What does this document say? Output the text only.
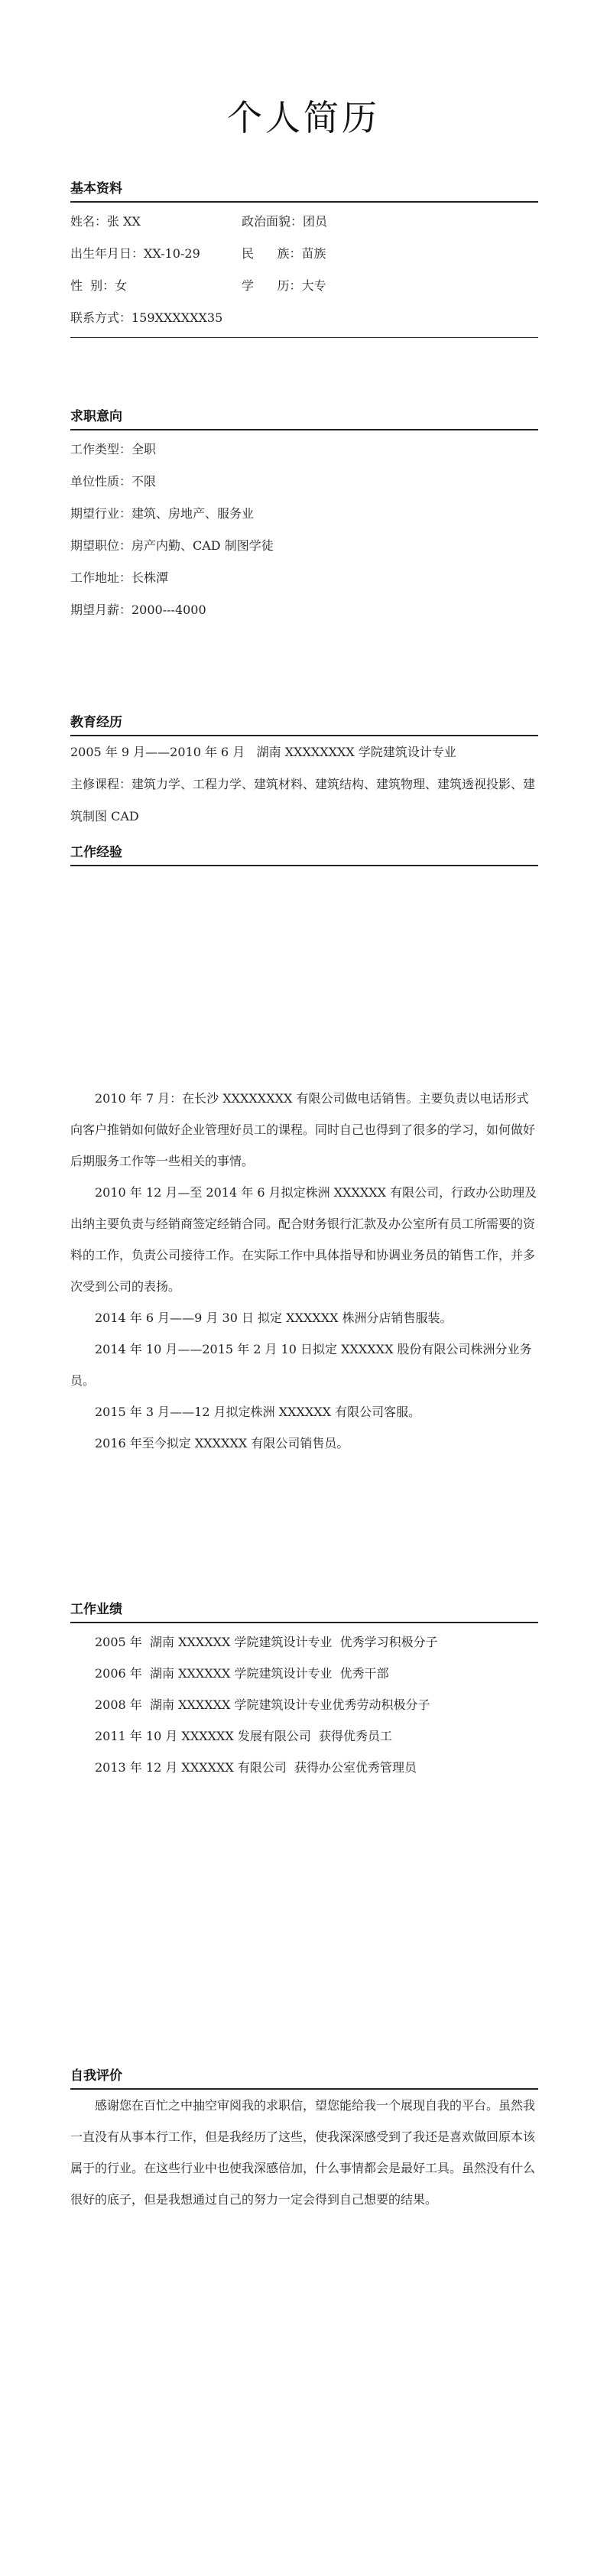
个人简历
基本资料
姓名：张 XX	政治面貌：团员
出生年月日：XX-10-29	民      族：苗族
性  别：女	学      历：大专
联系方式：159XXXXXX35
求职意向
工作类型：全职
单位性质：不限
期望行业：建筑、房地产、服务业
期望职位：房产内勤、CAD 制图学徒
工作地址：长株潭
期望月薪：2000---4000
教育经历
2005 年 9 月——2010 年 6 月   湖南 XXXXXXXX 学院建筑设计专业
主修课程：建筑力学、工程力学、建筑材料、建筑结构、建筑物理、建筑透视投影、建筑制图 CAD
工作经验

2010 年 7 月：在长沙 XXXXXXXX 有限公司做电话销售。主要负责以电话形式向客户推销如何做好企业管理好员工的课程。同时自己也得到了很多的学习，如何做好后期服务工作等一些相关的事情。

2010 年 12 月—至 2014 年 6 月拟定株洲 XXXXXX 有限公司，行政办公助理及出纳主要负责与经销商签定经销合同。配合财务银行汇款及办公室所有员工所需要的资料的工作，负责公司接待工作。在实际工作中具体指导和协调业务员的销售工作，并多次受到公司的表扬。

2014 年 6 月——9 月 30 日 拟定 XXXXXX 株洲分店销售服装。

2014 年 10 月——2015 年 2 月 10 日拟定 XXXXXX 股份有限公司株洲分业务员。

2015 年 3 月——12 月拟定株洲 XXXXXX 有限公司客服。

2016 年至今拟定 XXXXXX 有限公司销售员。

工作业绩

2005 年  湖南 XXXXXX 学院建筑设计专业  优秀学习积极分子

2006 年  湖南 XXXXXX 学院建筑设计专业  优秀干部

2008 年  湖南 XXXXXX 学院建筑设计专业优秀劳动积极分子

2011 年 10 月 XXXXXX 发展有限公司  获得优秀员工

2013 年 12 月 XXXXXX 有限公司  获得办公室优秀管理员

自我评价

感谢您在百忙之中抽空审阅我的求职信，望您能给我一个展现自我的平台。虽然我一直没有从事本行工作，但是我经历了这些，使我深深感受到了我还是喜欢做回原本该属于的行业。在这些行业中也使我深感倍加，什么事情都会是最好工具。虽然没有什么很好的底子，但是我想通过自己的努力一定会得到自己想要的结果。
